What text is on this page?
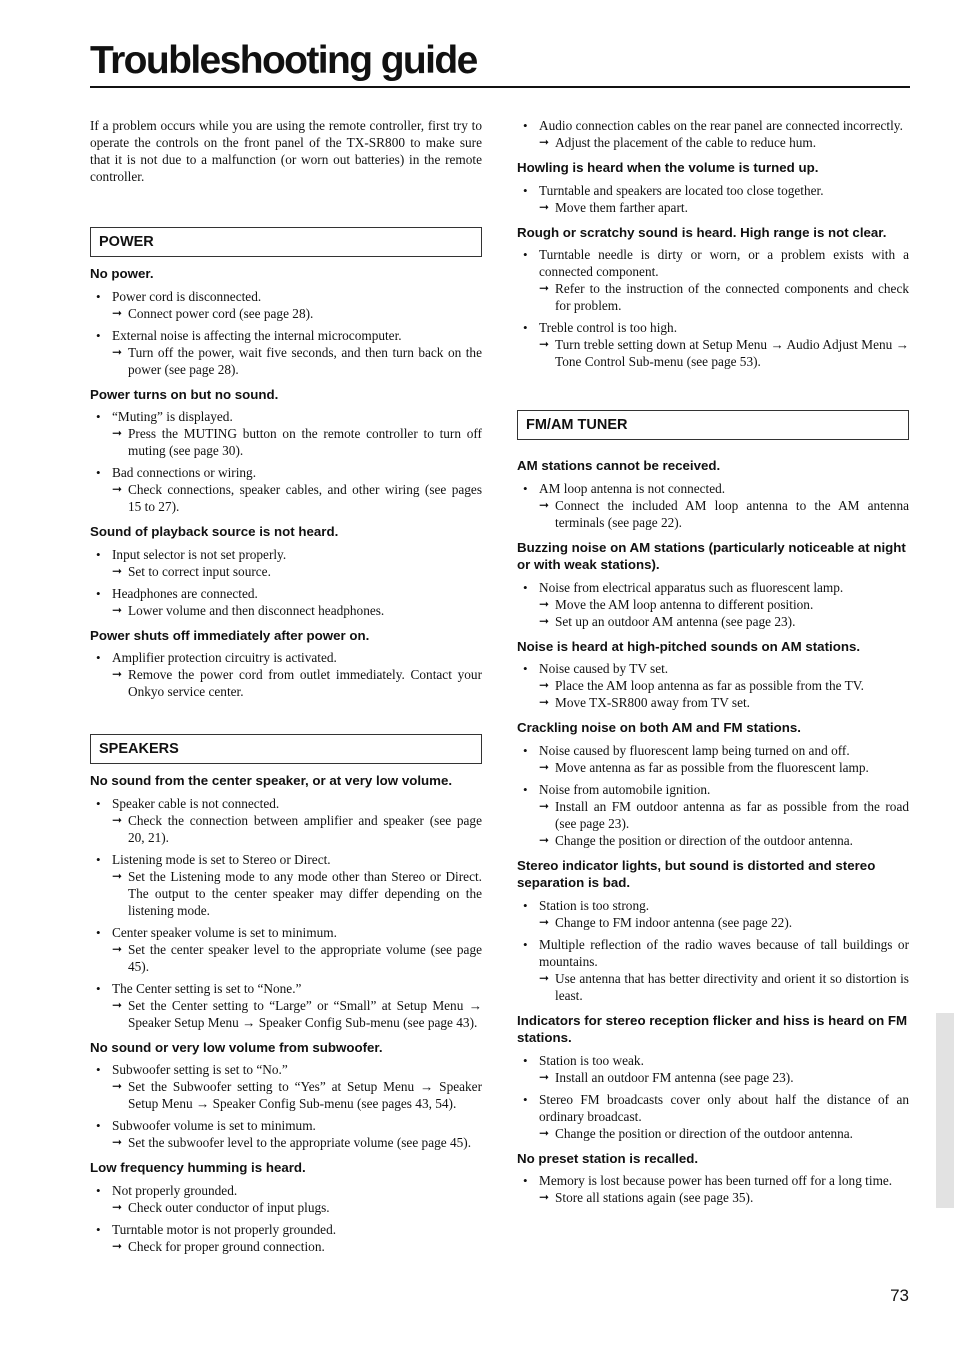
Troubleshooting guide

If a problem occurs while you are using the remote controller, first try to operate the controls on the front panel of the TX-SR800 to make sure that it is not due to a malfunction (or worn out batteries) in the remote controller.

POWER
No power.
• Power cord is disconnected.
➞ Connect power cord (see page 28).
• External noise is affecting the internal microcomputer.
➞ Turn off the power, wait five seconds, and then turn back on the power (see page 28).
Power turns on but no sound.
• “Muting” is displayed.
➞ Press the MUTING button on the remote controller to turn off muting (see page 30).
• Bad connections or wiring.
➞ Check connections, speaker cables, and other wiring (see pages 15 to 27).
Sound of playback source is not heard.
• Input selector is not set properly.
➞ Set to correct input source.
• Headphones are connected.
➞ Lower volume and then disconnect headphones.
Power shuts off immediately after power on.
• Amplifier protection circuitry is activated.
➞ Remove the power cord from outlet immediately. Contact your Onkyo service center.
SPEAKERS
No sound from the center speaker, or at very low volume.
• Speaker cable is not connected.
➞ Check the connection between amplifier and speaker (see page 20, 21).
• Listening mode is set to Stereo or Direct.
➞ Set the Listening mode to any mode other than Stereo or Direct. The output to the center speaker may differ depending on the listening mode.
• Center speaker volume is set to minimum.
➞ Set the center speaker level to the appropriate volume (see page 45).
• The Center setting is set to “None.”
➞ Set the Center setting to “Large” or “Small” at Setup Menu → Speaker Setup Menu → Speaker Config Sub-menu (see page 43).
No sound or very low volume from subwoofer.
• Subwoofer setting is set to “No.”
➞ Set the Subwoofer setting to “Yes” at Setup Menu → Speaker Setup Menu → Speaker Config Sub-menu (see pages 43, 54).
• Subwoofer volume is set to minimum.
➞ Set the subwoofer level to the appropriate volume (see page 45).
Low frequency humming is heard.
• Not properly grounded.
➞ Check outer conductor of input plugs.
• Turntable motor is not properly grounded.
➞ Check for proper ground connection.
• Audio connection cables on the rear panel are connected incorrectly.
➞ Adjust the placement of the cable to reduce hum.
Howling is heard when the volume is turned up.
• Turntable and speakers are located too close together.
➞ Move them farther apart.
Rough or scratchy sound is heard. High range is not clear.
• Turntable needle is dirty or worn, or a problem exists with a connected component.
➞ Refer to the instruction of the connected components and check for problem.
• Treble control is too high.
➞ Turn treble setting down at Setup Menu → Audio Adjust Menu → Tone Control Sub-menu (see page 53).
FM/AM TUNER
AM stations cannot be received.
• AM loop antenna is not connected.
➞ Connect the included AM loop antenna to the AM antenna terminals (see page 22).
Buzzing noise on AM stations (particularly noticeable at night or with weak stations).
• Noise from electrical apparatus such as fluorescent lamp.
➞ Move the AM loop antenna to different position.
➞ Set up an outdoor AM antenna (see page 23).
Noise is heard at high-pitched sounds on AM stations.
• Noise caused by TV set.
➞ Place the AM loop antenna as far as possible from the TV.
➞ Move TX-SR800 away from TV set.
Crackling noise on both AM and FM stations.
• Noise caused by fluorescent lamp being turned on and off.
➞ Move antenna as far as possible from the fluorescent lamp.
• Noise from automobile ignition.
➞ Install an FM outdoor antenna as far as possible from the road (see page 23).
➞ Change the position or direction of the outdoor antenna.
Stereo indicator lights, but sound is distorted and stereo separation is bad.
• Station is too strong.
➞ Change to FM indoor antenna (see page 22).
• Multiple reflection of the radio waves because of tall buildings or mountains.
➞ Use antenna that has better directivity and orient it so distortion is least.
Indicators for stereo reception flicker and hiss is heard on FM stations.
• Station is too weak.
➞ Install an outdoor FM antenna (see page 23).
• Stereo FM broadcasts cover only about half the distance of an ordinary broadcast.
➞ Change the position or direction of the outdoor antenna.
No preset station is recalled.
• Memory is lost because power has been turned off for a long time.
➞ Store all stations again (see page 35).
73
